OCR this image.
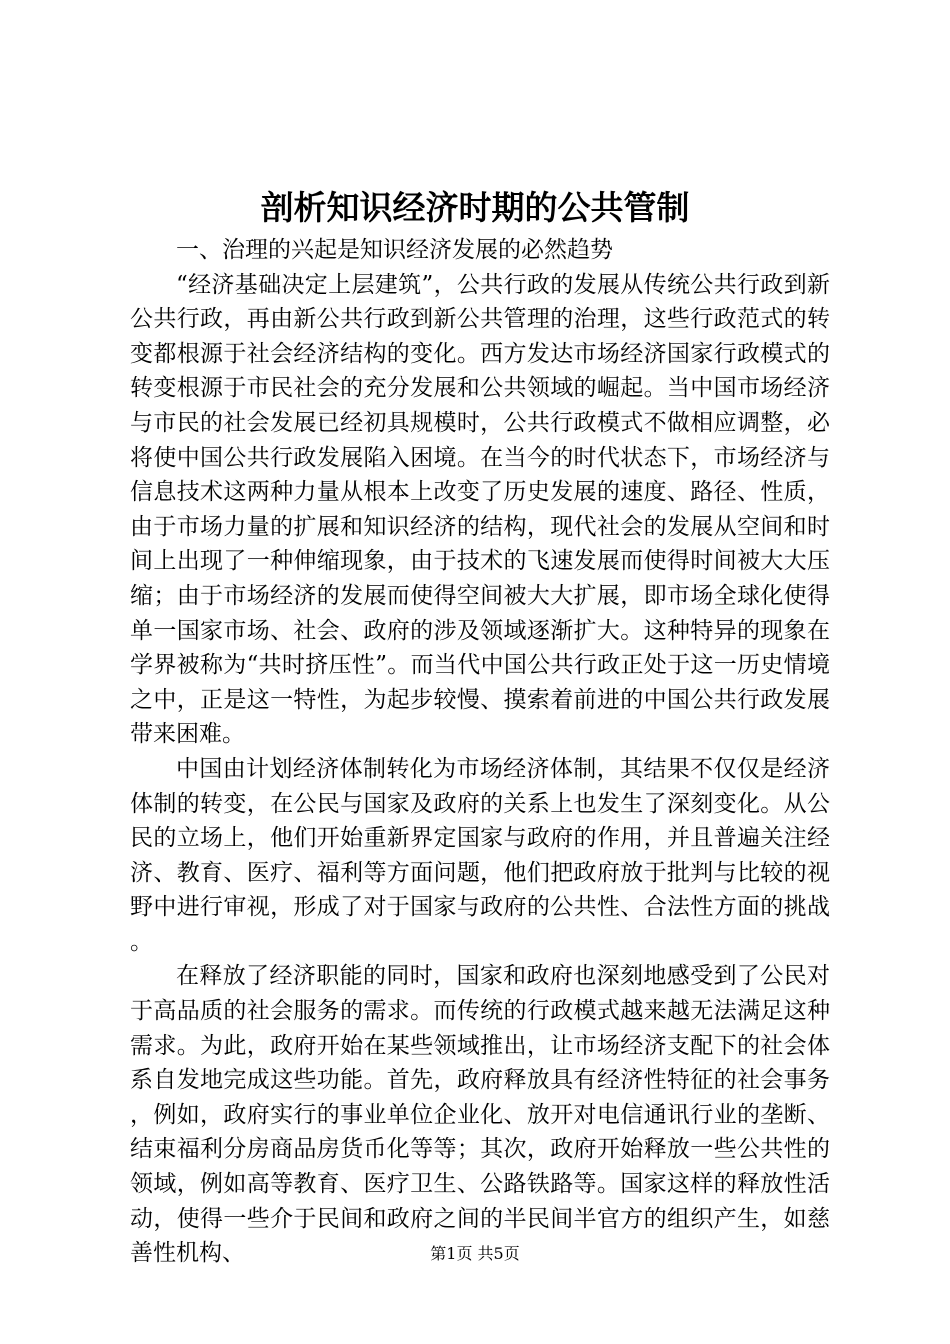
剖析知识经济时期的公共管制

一、治理的兴起是知识经济发展的必然趋势

“经济基础决定上层建筑”，公共行政的发展从传统公共行政到新公共行政，再由新公共行政到新公共管理的治理，这些行政范式的转变都根源于社会经济结构的变化。西方发达市场经济国家行政模式的转变根源于市民社会的充分发展和公共领域的崛起。当中国市场经济与市民的社会发展已经初具规模时，公共行政模式不做相应调整，必将使中国公共行政发展陷入困境。在当今的时代状态下，市场经济与信息技术这两种力量从根本上改变了历史发展的速度、路径、性质，由于市场力量的扩展和知识经济的结构，现代社会的发展从空间和时间上出现了一种伸缩现象，由于技术的飞速发展而使得时间被大大压缩；由于市场经济的发展而使得空间被大大扩展，即市场全球化使得单一国家市场、社会、政府的涉及领域逐渐扩大。这种特异的现象在学界被称为“共时挤压性”。而当代中国公共行政正处于这一历史情境之中，正是这一特性，为起步较慢、摸索着前进的中国公共行政发展带来困难。

中国由计划经济体制转化为市场经济体制，其结果不仅仅是经济体制的转变，在公民与国家及政府的关系上也发生了深刻变化。从公民的立场上，他们开始重新界定国家与政府的作用，并且普遍关注经济、教育、医疗、福利等方面问题，他们把政府放于批判与比较的视野中进行审视，形成了对于国家与政府的公共性、合法性方面的挑战。

在释放了经济职能的同时，国家和政府也深刻地感受到了公民对于高品质的社会服务的需求。而传统的行政模式越来越无法满足这种需求。为此，政府开始在某些领域推出，让市场经济支配下的社会体系自发地完成这些功能。首先，政府释放具有经济性特征的社会事务，例如，政府实行的事业单位企业化、放开对电信通讯行业的垄断、结束福利分房商品房货币化等等；其次，政府开始释放一些公共性的领域，例如高等教育、医疗卫生、公路铁路等。国家这样的释放性活动，使得一些介于民间和政府之间的半民间半官方的组织产生，如慈善性机构、	第1页 共5页
